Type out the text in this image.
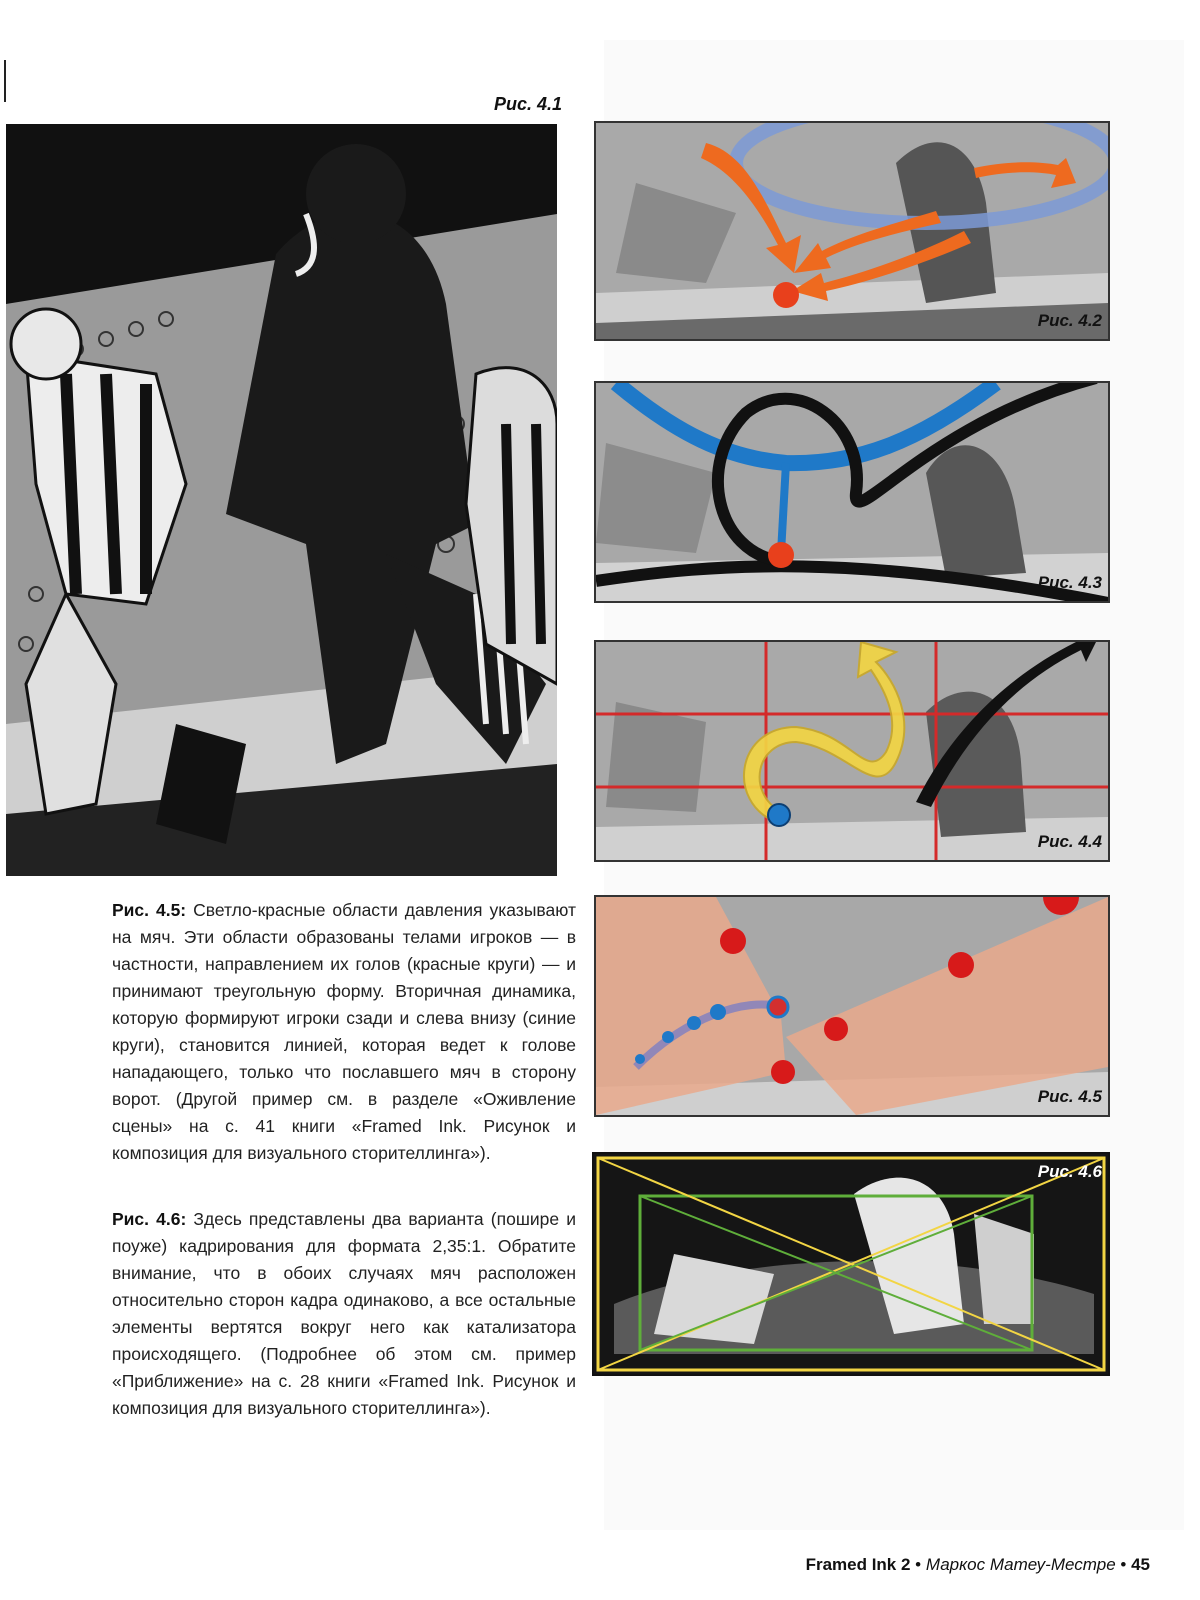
Рис. 4.1
Рис. 4.2
Рис. 4.3
Рис. 4.4
Рис. 4.5
Рис. 4.6
Рис. 4.5: Светло-красные области давления указывают на мяч. Эти области образованы телами игроков — в частности, направлением их голов (красные круги) — и принимают треугольную форму. Вторичная динамика, которую формируют игроки сзади и слева внизу (синие круги), становится линией, которая ведет к голове нападающего, только что пославшего мяч в сторону ворот. (Другой пример см. в разделе «Оживление сцены» на с. 41 книги «Framed Ink. Рисунок и композиция для визуального сторителлинга»).
Рис. 4.6: Здесь представлены два варианта (пошире и поуже) кадрирования для формата 2,35:1. Обратите внимание, что в обоих случаях мяч расположен относительно сторон кадра одинаково, а все остальные элементы вертятся вокруг него как катализатора происходящего. (Подробнее об этом см. пример «Приближение» на с. 28 книги «Framed Ink. Рисунок и композиция для визуального сторителлинга»).
Framed Ink 2 • Маркос Матеу-Местре • 45
